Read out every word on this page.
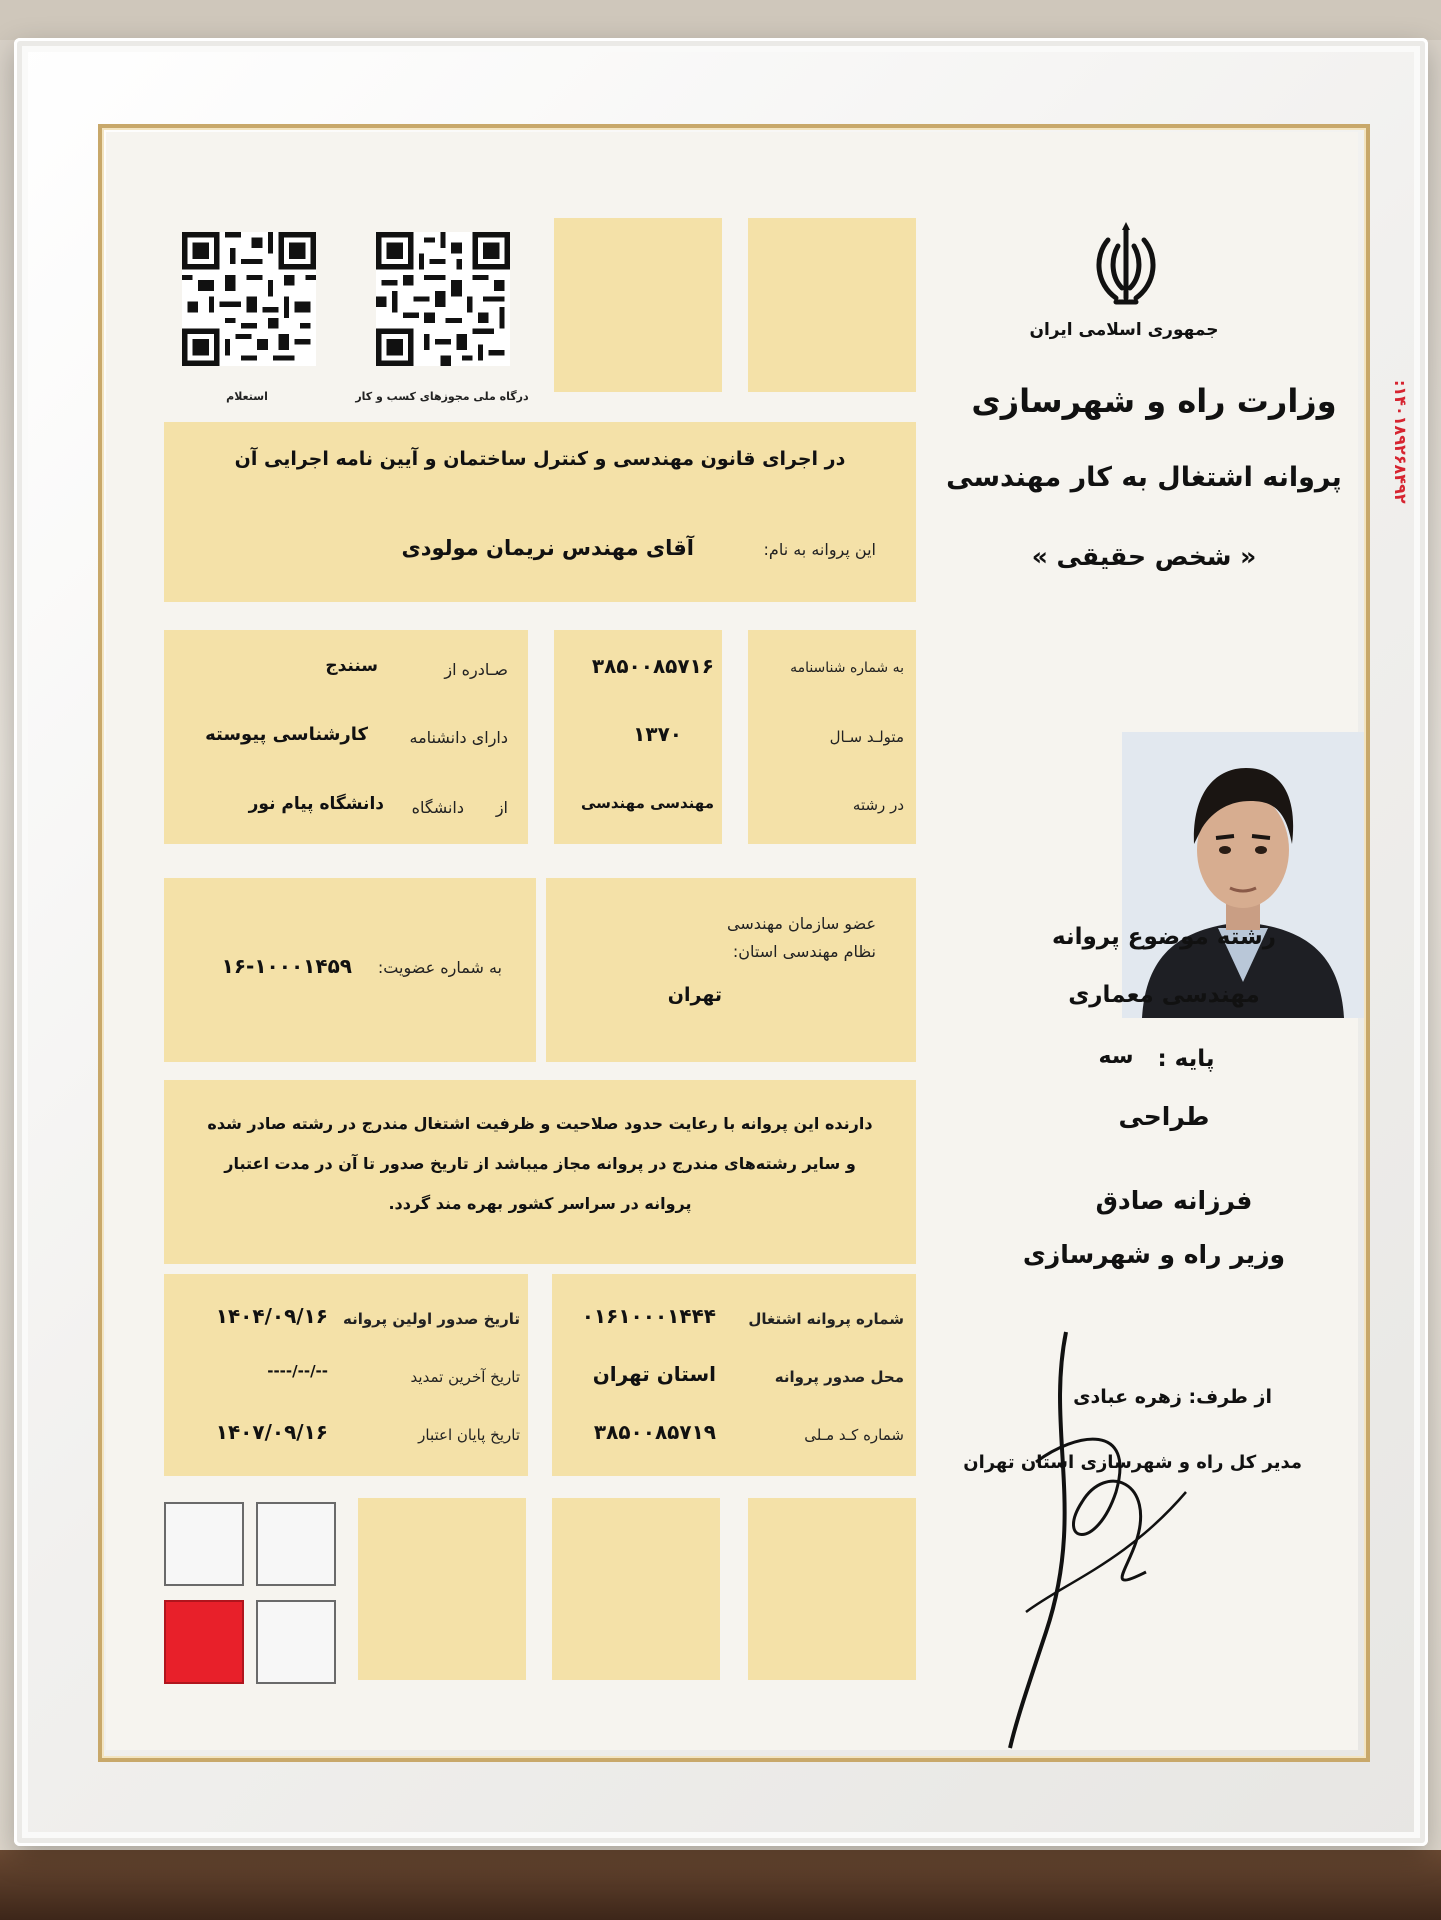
درگاه ملی مجوزهای کسب و کار
استعلام
در اجرای قانون مهندسی و کنترل ساختمان و آیین نامه اجرایی آن
این پروانه به نام:
آقای مهندس نریمان مولودی
به شماره شناسنامه
متولـد سـال
در رشته
۳۸۵۰۰۸۵۷۱۶
۱۳۷۰
مهندسی مهندسی
صـادره از
سنندج
دارای دانشنامه
کارشناسی پیوسته
از
دانشگاه
دانشگاه پیام نور
عضو سازمان مهندسی
نظام مهندسی استان:
تهران
به شماره عضویت:
۱۶-۱۰۰۰۱۴۵۹
دارنده این پروانه با رعایت حدود صلاحیت و ظرفیت اشتغال مندرج در رشته صادر شده
و سایر رشته‌های مندرج در پروانه مجاز میباشد از تاریخ صدور تا آن در مدت اعتبار
پروانه در سراسر کشور بهره مند گردد.
شماره پروانه اشتغال
۰۱۶۱۰۰۰۱۴۴۴
محل صدور پروانه
استان تهران
شماره کـد مـلی
۳۸۵۰۰۸۵۷۱۹
تاریخ صدور اولین پروانه
۱۴۰۴/۰۹/۱۶
تاریخ آخرین تمدید
--/--/----
تاریخ پایان اعتبار
۱۴۰۷/۰۹/۱۶
جمهوری اسلامی ایران
وزارت راه و شهرسازی
پروانه اشتغال به کار مهندسی
« شخص حقیقی »
رشته موضوع پروانه
مهندسی معماری
پایه :
سه
طراحی
فرزانه صادق
وزیر راه و شهرسازی
از طرف: زهره عبادی
مدیر کل راه و شهرسازی استان تهران
۱۴۰۱۸۹۲۶۸۴۹۲:
